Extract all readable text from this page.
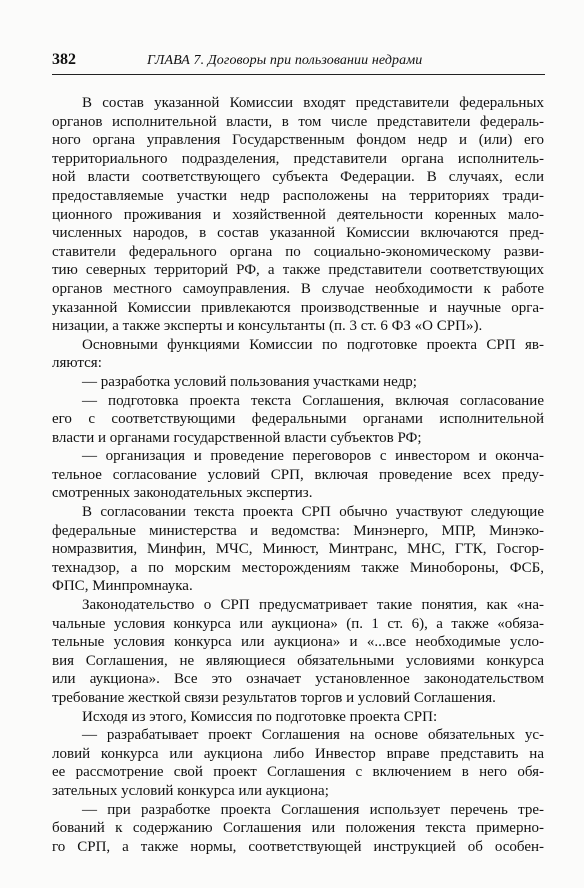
382	ГЛАВА 7. Договоры при пользовании недрами
В состав указанной Комиссии входят представители федеральных
органов исполнительной власти, в том числе представители федераль-
ного органа управления Государственным фондом недр и (или) его
территориального подразделения, представители органа исполнитель-
ной власти соответствующего субъекта Федерации. В случаях, если
предоставляемые участки недр расположены на территориях тради-
ционного проживания и хозяйственной деятельности коренных мало-
численных народов, в состав указанной Комиссии включаются пред-
ставители федерального органа по социально-экономическому разви-
тию северных территорий РФ, а также представители соответствующих
органов местного самоуправления. В случае необходимости к работе
указанной Комиссии привлекаются производственные и научные орга-
низации, а также эксперты и консультанты (п. 3 ст. 6 ФЗ «О СРП»).
Основными функциями Комиссии по подготовке проекта СРП яв-
ляются:
— разработка условий пользования участками недр;
— подготовка проекта текста Соглашения, включая согласование
его с соответствующими федеральными органами исполнительной
власти и органами государственной власти субъектов РФ;
— организация и проведение переговоров с инвестором и оконча-
тельное согласование условий СРП, включая проведение всех преду-
смотренных законодательных экспертиз.
В согласовании текста проекта СРП обычно участвуют следующие
федеральные министерства и ведомства: Минэнерго, МПР, Минэко-
номразвития, Минфин, МЧС, Минюст, Минтранс, МНС, ГТК, Госгор-
технадзор, а по морским месторождениям также Минобороны, ФСБ,
ФПС, Минпромнаука.
Законодательство о СРП предусматривает такие понятия, как «на-
чальные условия конкурса или аукциона» (п. 1 ст. 6), а также «обяза-
тельные условия конкурса или аукциона» и «...все необходимые усло-
вия Соглашения, не являющиеся обязательными условиями конкурса
или аукциона». Все это означает установленное законодательством
требование жесткой связи результатов торгов и условий Соглашения.
Исходя из этого, Комиссия по подготовке проекта СРП:
— разрабатывает проект Соглашения на основе обязательных ус-
ловий конкурса или аукциона либо Инвестор вправе представить на
ее рассмотрение свой проект Соглашения с включением в него обя-
зательных условий конкурса или аукциона;
— при разработке проекта Соглашения использует перечень тре-
бований к содержанию Соглашения или положения текста примерно-
го СРП, а также нормы, соответствующей инструкцией об особен-
